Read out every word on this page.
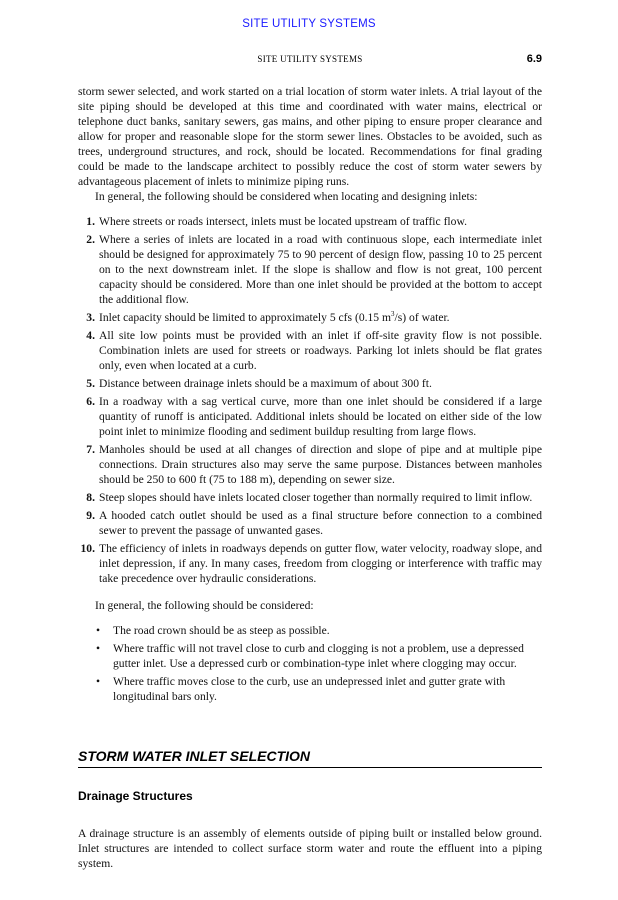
SITE UTILITY SYSTEMS
SITE UTILITY SYSTEMS	6.9

storm sewer selected, and work started on a trial location of storm water inlets. A trial layout of the site piping should be developed at this time and coordinated with water mains, electrical or telephone duct banks, sanitary sewers, gas mains, and other piping to ensure proper clearance and allow for proper and reasonable slope for the storm sewer lines. Obstacles to be avoided, such as trees, underground structures, and rock, should be located. Recommendations for final grading could be made to the landscape architect to possibly reduce the cost of storm water sewers by advantageous placement of inlets to minimize piping runs.

In general, the following should be considered when locating and designing inlets:

1. Where streets or roads intersect, inlets must be located upstream of traffic flow.
2. Where a series of inlets are located in a road with continuous slope, each intermediate inlet should be designed for approximately 75 to 90 percent of design flow, passing 10 to 25 percent on to the next downstream inlet. If the slope is shallow and flow is not great, 100 percent capacity should be considered. More than one inlet should be provided at the bottom to accept the additional flow.
3. Inlet capacity should be limited to approximately 5 cfs (0.15 $m^3/s$) of water.
4. All site low points must be provided with an inlet if off-site gravity flow is not possible. Combination inlets are used for streets or roadways. Parking lot inlets should be flat grates only, even when located at a curb.
5. Distance between drainage inlets should be a maximum of about 300 ft.
6. In a roadway with a sag vertical curve, more than one inlet should be considered if a large quantity of runoff is anticipated. Additional inlets should be located on either side of the low point inlet to minimize flooding and sediment buildup resulting from large flows.
7. Manholes should be used at all changes of direction and slope of pipe and at multiple pipe connections. Drain structures also may serve the same purpose. Distances between manholes should be 250 to 600 ft (75 to 188 m), depending on sewer size.
8. Steep slopes should have inlets located closer together than normally required to limit inflow.
9. A hooded catch outlet should be used as a final structure before connection to a combined sewer to prevent the passage of unwanted gases.
10. The efficiency of inlets in roadways depends on gutter flow, water velocity, roadway slope, and inlet depression, if any. In many cases, freedom from clogging or interference with traffic may take precedence over hydraulic considerations.

In general, the following should be considered:

• The road crown should be as steep as possible.
• Where traffic will not travel close to curb and clogging is not a problem, use a depressed gutter inlet. Use a depressed curb or combination-type inlet where clogging may occur.
• Where traffic moves close to the curb, use an undepressed inlet and gutter grate with longitudinal bars only.
STORM WATER INLET SELECTION
Drainage Structures

A drainage structure is an assembly of elements outside of piping built or installed below ground. Inlet structures are intended to collect surface storm water and route the effluent into a piping system.
